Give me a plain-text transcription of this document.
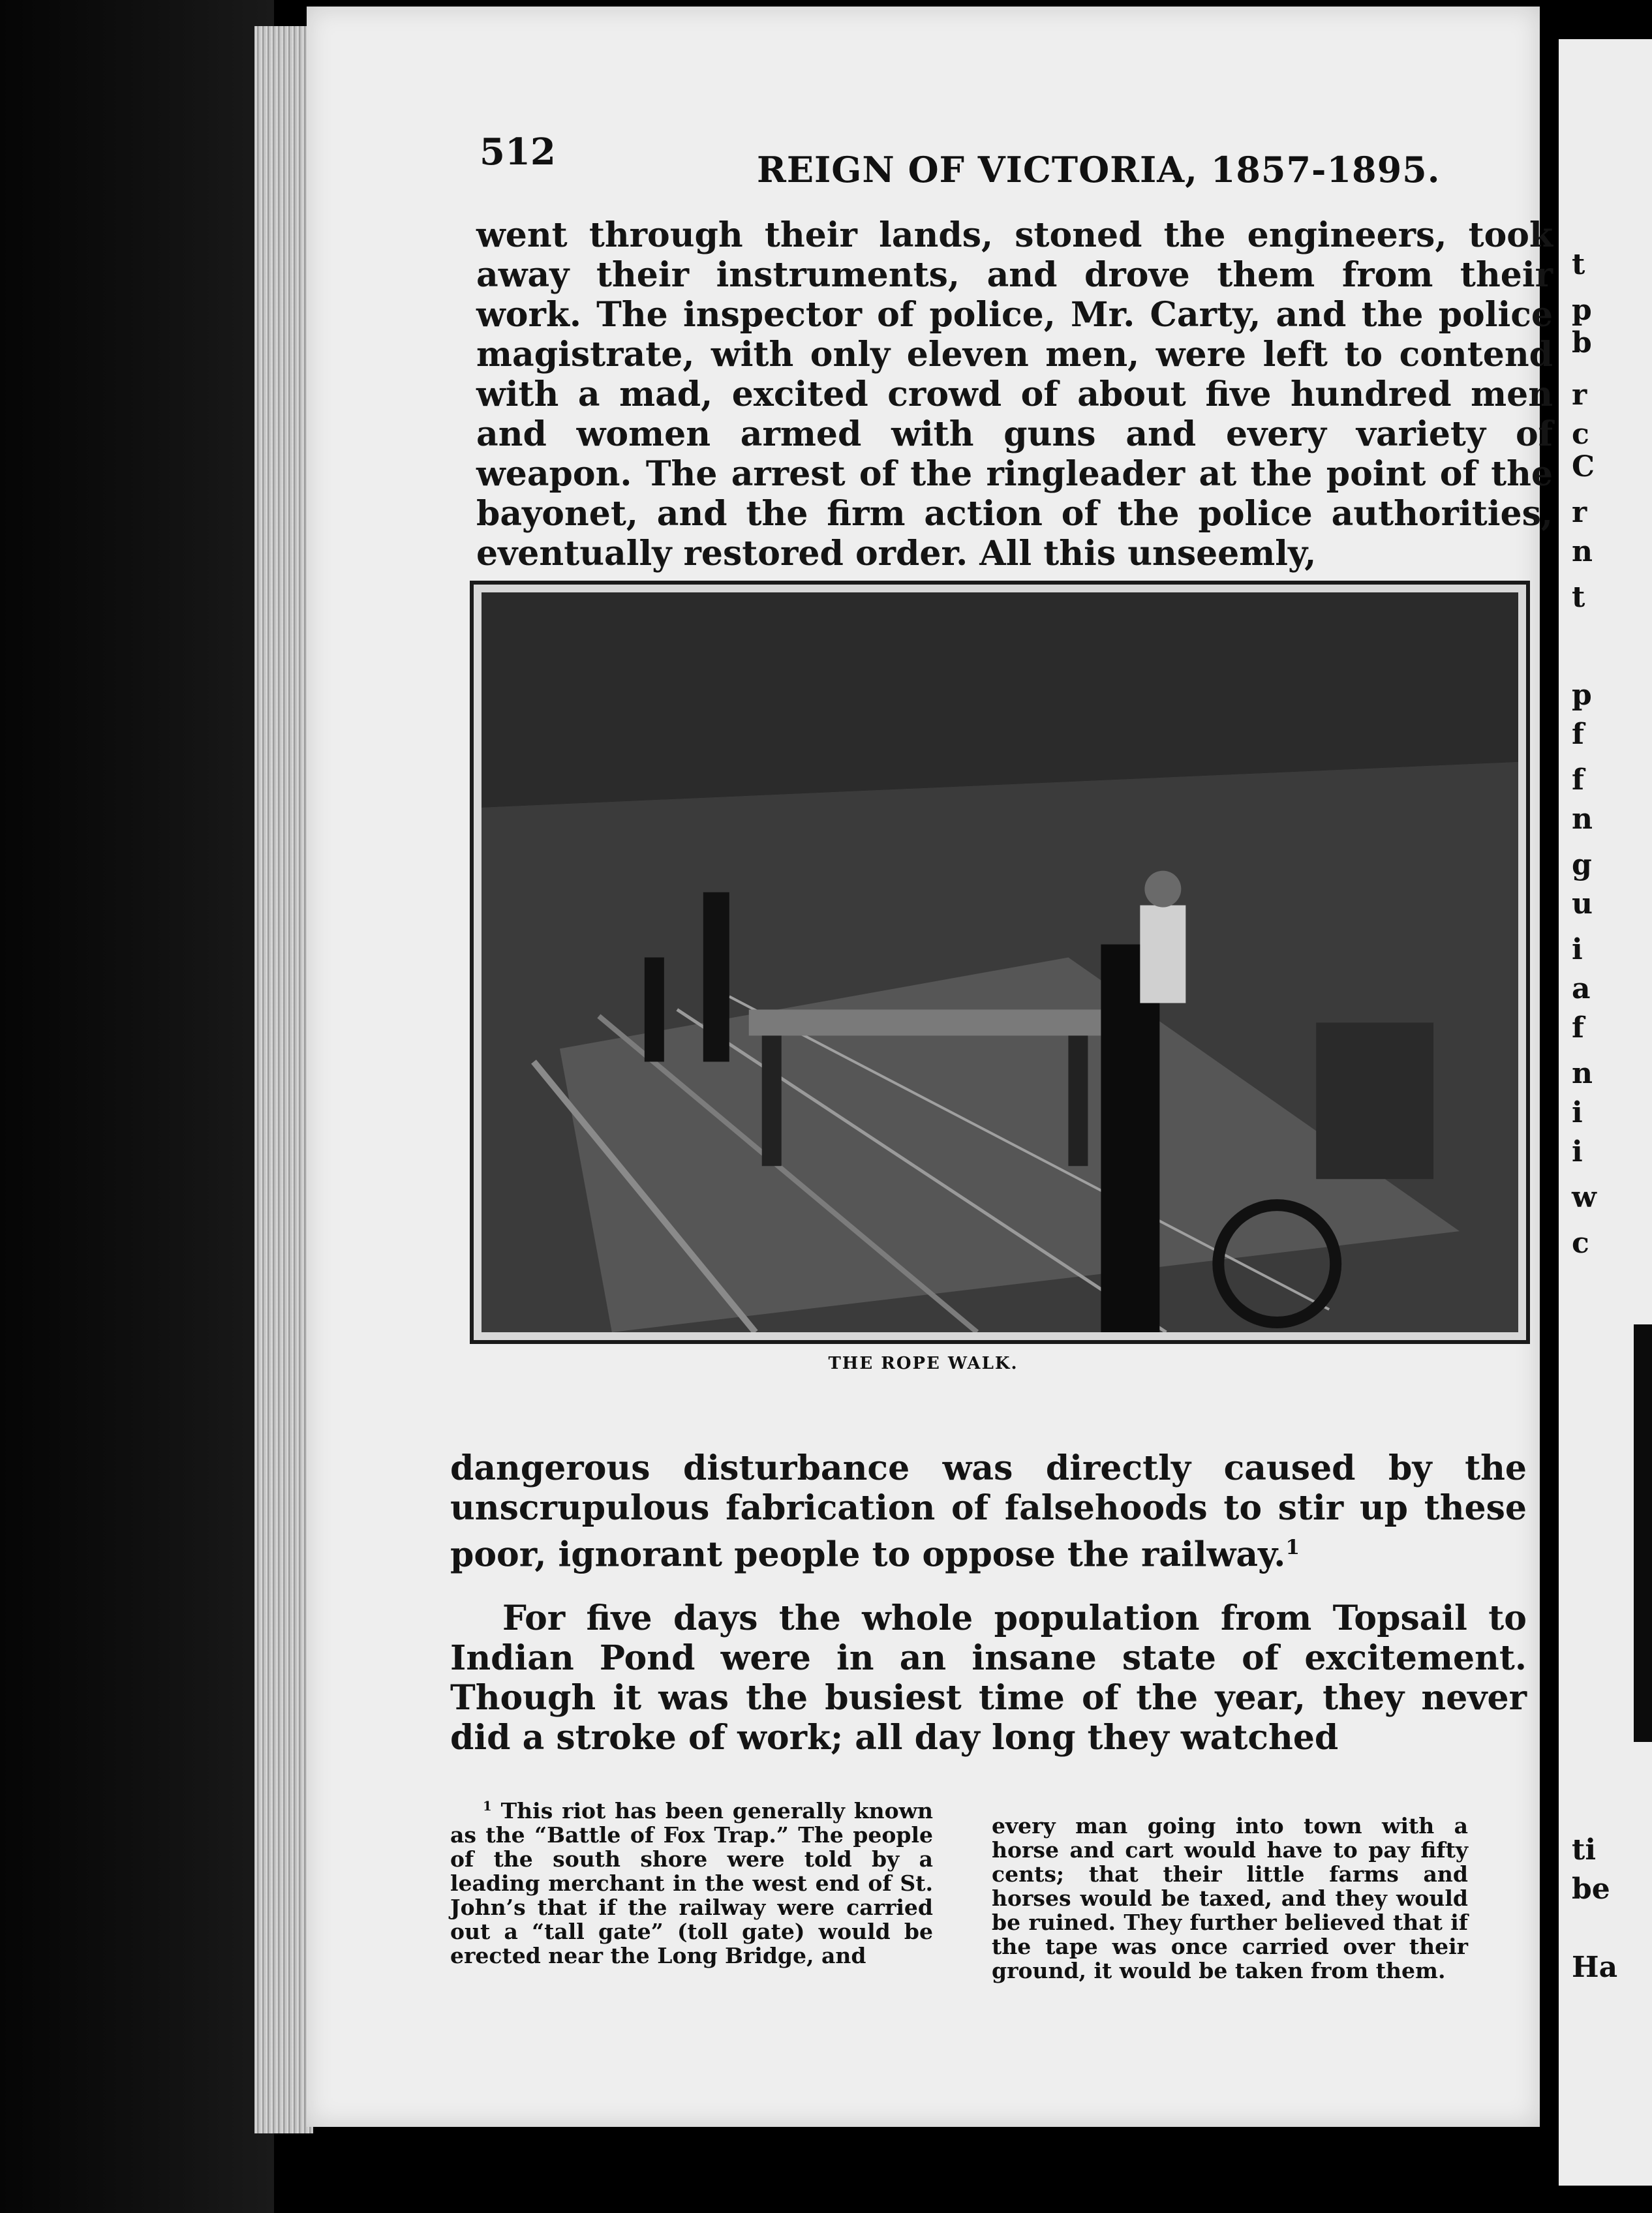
512	REIGN OF VICTORIA, 1857-1895.

went through their lands, stoned the engineers, took away their instruments, and drove them from their work. The inspector of police, Mr. Carty, and the police magistrate, with only eleven men, were left to contend with a mad, excited crowd of about five hundred men and women armed with guns and every variety of weapon. The arrest of the ringleader at the point of the bayonet, and the firm action of the police authorities, eventually restored order. All this unseemly,

THE ROPE WALK.

dangerous disturbance was directly caused by the unscrupulous fabrication of falsehoods to stir up these poor, ignorant people to oppose the railway.$^1$

For five days the whole population from Topsail to Indian Pond were in an insane state of excitement. Though it was the busiest time of the year, they never did a stroke of work; all day long they watched

$^1$ This riot has been generally known as the “Battle of Fox Trap.” The people of the south shore were told by a leading merchant in the west end of St. John’s that if the railway were carried out a “tall gate” (toll gate) would be erected near the Long Bridge, and

every man going into town with a horse and cart would have to pay fifty cents; that their little farms and horses would be taxed, and they would be ruined. They further believed that if the tape was once carried over their ground, it would be taken from them.

t
p
b
r
c
C
r
n
t
p
f
f
n
g
u
i
a
f
n
i
i
w
c
ti
be
Ha
